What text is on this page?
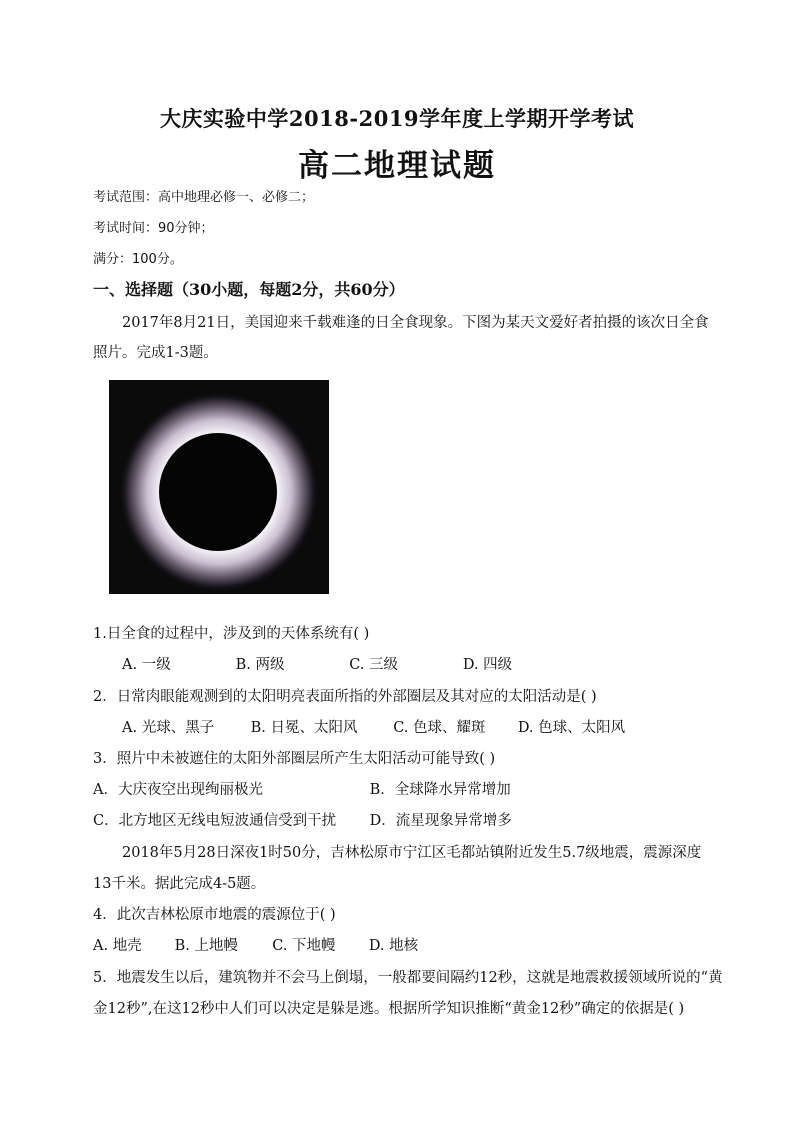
大庆实验中学2018-2019学年度上学期开学考试
高二地理试题
考试范围：高中地理必修一、必修二；
考试时间：90分钟；
满分：100分。
一、选择题（30小题，每题2分，共60分）
2017年8月21日，美国迎来千载难逢的日全食现象。下图为某天文爱好者拍摄的该次日全食
照片。完成1-3题。
1.日全食的过程中，涉及到的天体系统有( )
A. 一级	B. 两级	C. 三级	D. 四级
2．日常肉眼能观测到的太阳明亮表面所指的外部圈层及其对应的太阳活动是( )
A. 光球、黑子	B. 日冕、太阳风 C. 色球、耀斑 D. 色球、太阳风
3．照片中未被遮住的太阳外部圈层所产生太阳活动可能导致( )
A．大庆夜空出现绚丽极光	B．全球降水异常增加
C．北方地区无线电短波通信受到干扰 D．流星现象异常增多
2018年5月28日深夜1时50分，吉林松原市宁江区毛都站镇附近发生5.7级地震，震源深度
13千米。据此完成4-5题。
4．此次吉林松原市地震的震源位于( )
A. 地壳 B. 上地幔 C. 下地幔 D. 地核
5．地震发生以后，建筑物并不会马上倒塌，一般都要间隔约12秒，这就是地震救援领域所说的“黄
金12秒”,在这12秒中人们可以决定是躲是逃。根据所学知识推断“黄金12秒”确定的依据是( )
